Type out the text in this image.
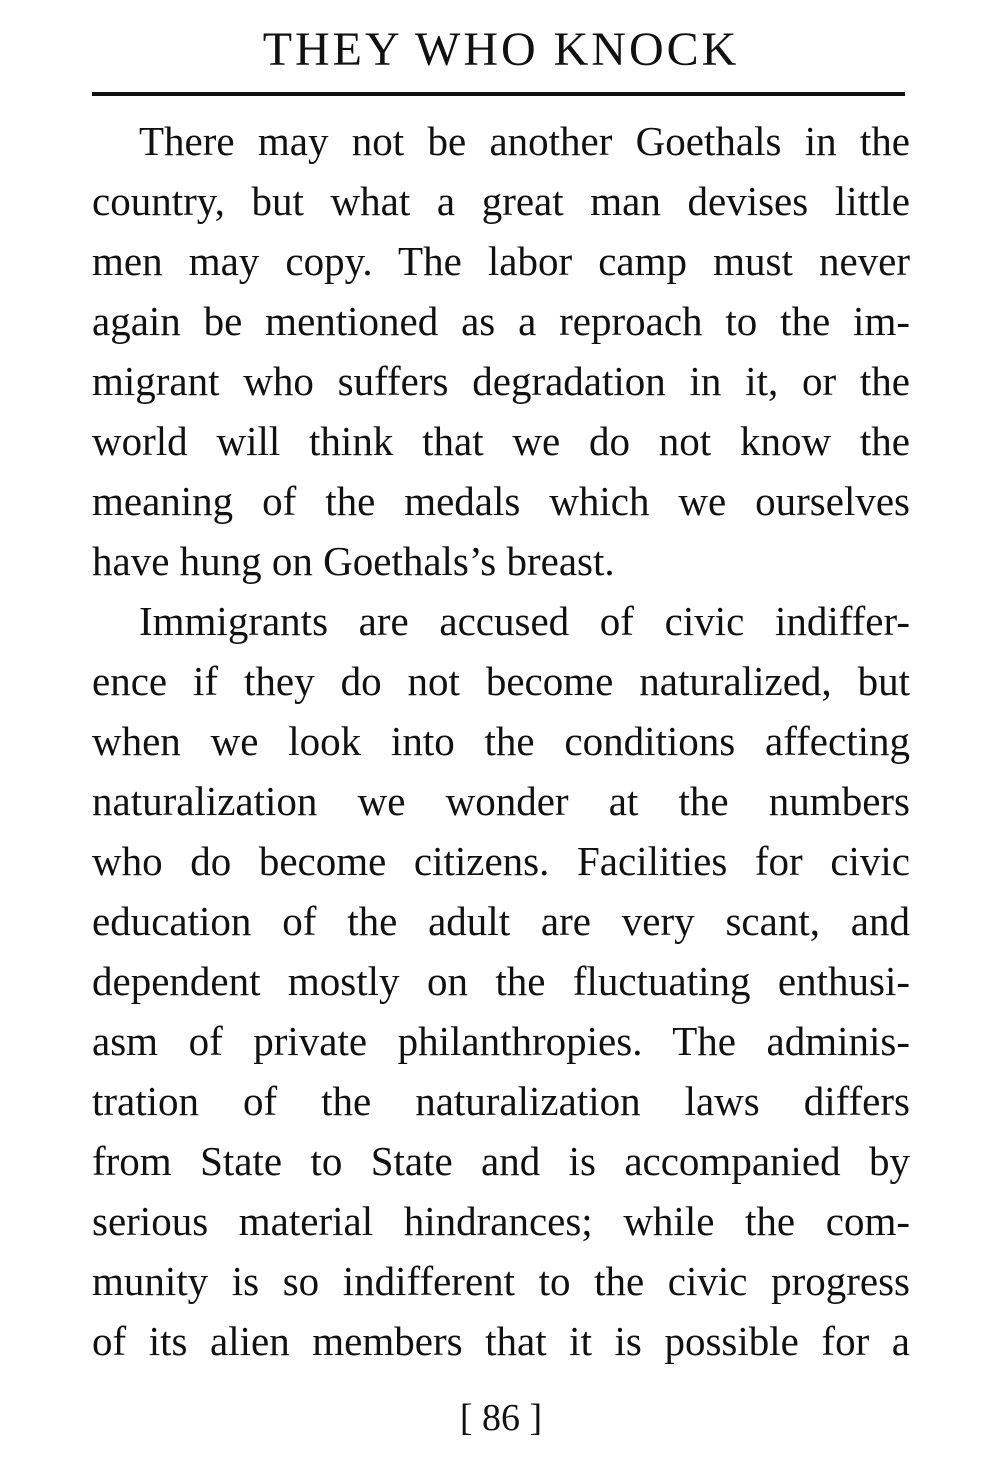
THEY WHO KNOCK
There may not be another Goethals in the
country, but what a great man devises little
men may copy. The labor camp must never
again be mentioned as a reproach to the im-
migrant who suffers degradation in it, or the
world will think that we do not know the
meaning of the medals which we ourselves
have hung on Goethals’s breast.
Immigrants are accused of civic indiffer-
ence if they do not become naturalized, but
when we look into the conditions affecting
naturalization we wonder at the numbers
who do become citizens. Facilities for civic
education of the adult are very scant, and
dependent mostly on the fluctuating enthusi-
asm of private philanthropies. The adminis-
tration of the naturalization laws differs
from State to State and is accompanied by
serious material hindrances; while the com-
munity is so indifferent to the civic progress
of its alien members that it is possible for a
[ 86 ]
